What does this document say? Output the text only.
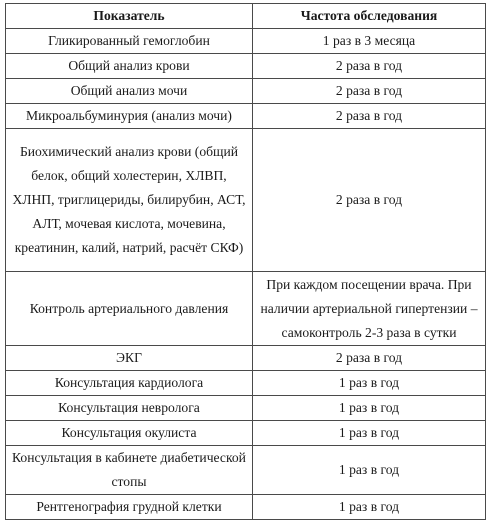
Показатель	Частота обследования
Гликированный гемоглобин	1 раз в 3 месяца
Общий анализ крови	2 раза в год
Общий анализ мочи	2 раза в год
Микроальбуминурия (анализ мочи)	2 раза в год
Биохимический анализ крови (общий белок, общий холестерин, ХЛВП, ХЛНП, триглицериды, билирубин, АСТ, АЛТ, мочевая кислота, мочевина, креатинин, калий, натрий, расчёт СКФ)	2 раза в год
Контроль артериального давления	При каждом посещении врача. При наличии артериальной гипертензии – самоконтроль 2-3 раза в сутки
ЭКГ	2 раза в год
Консультация кардиолога	1 раз в год
Консультация невролога	1 раз в год
Консультация окулиста	1 раз в год
Консультация в кабинете диабетической стопы	1 раз в год
Рентгенография грудной клетки	1 раз в год
